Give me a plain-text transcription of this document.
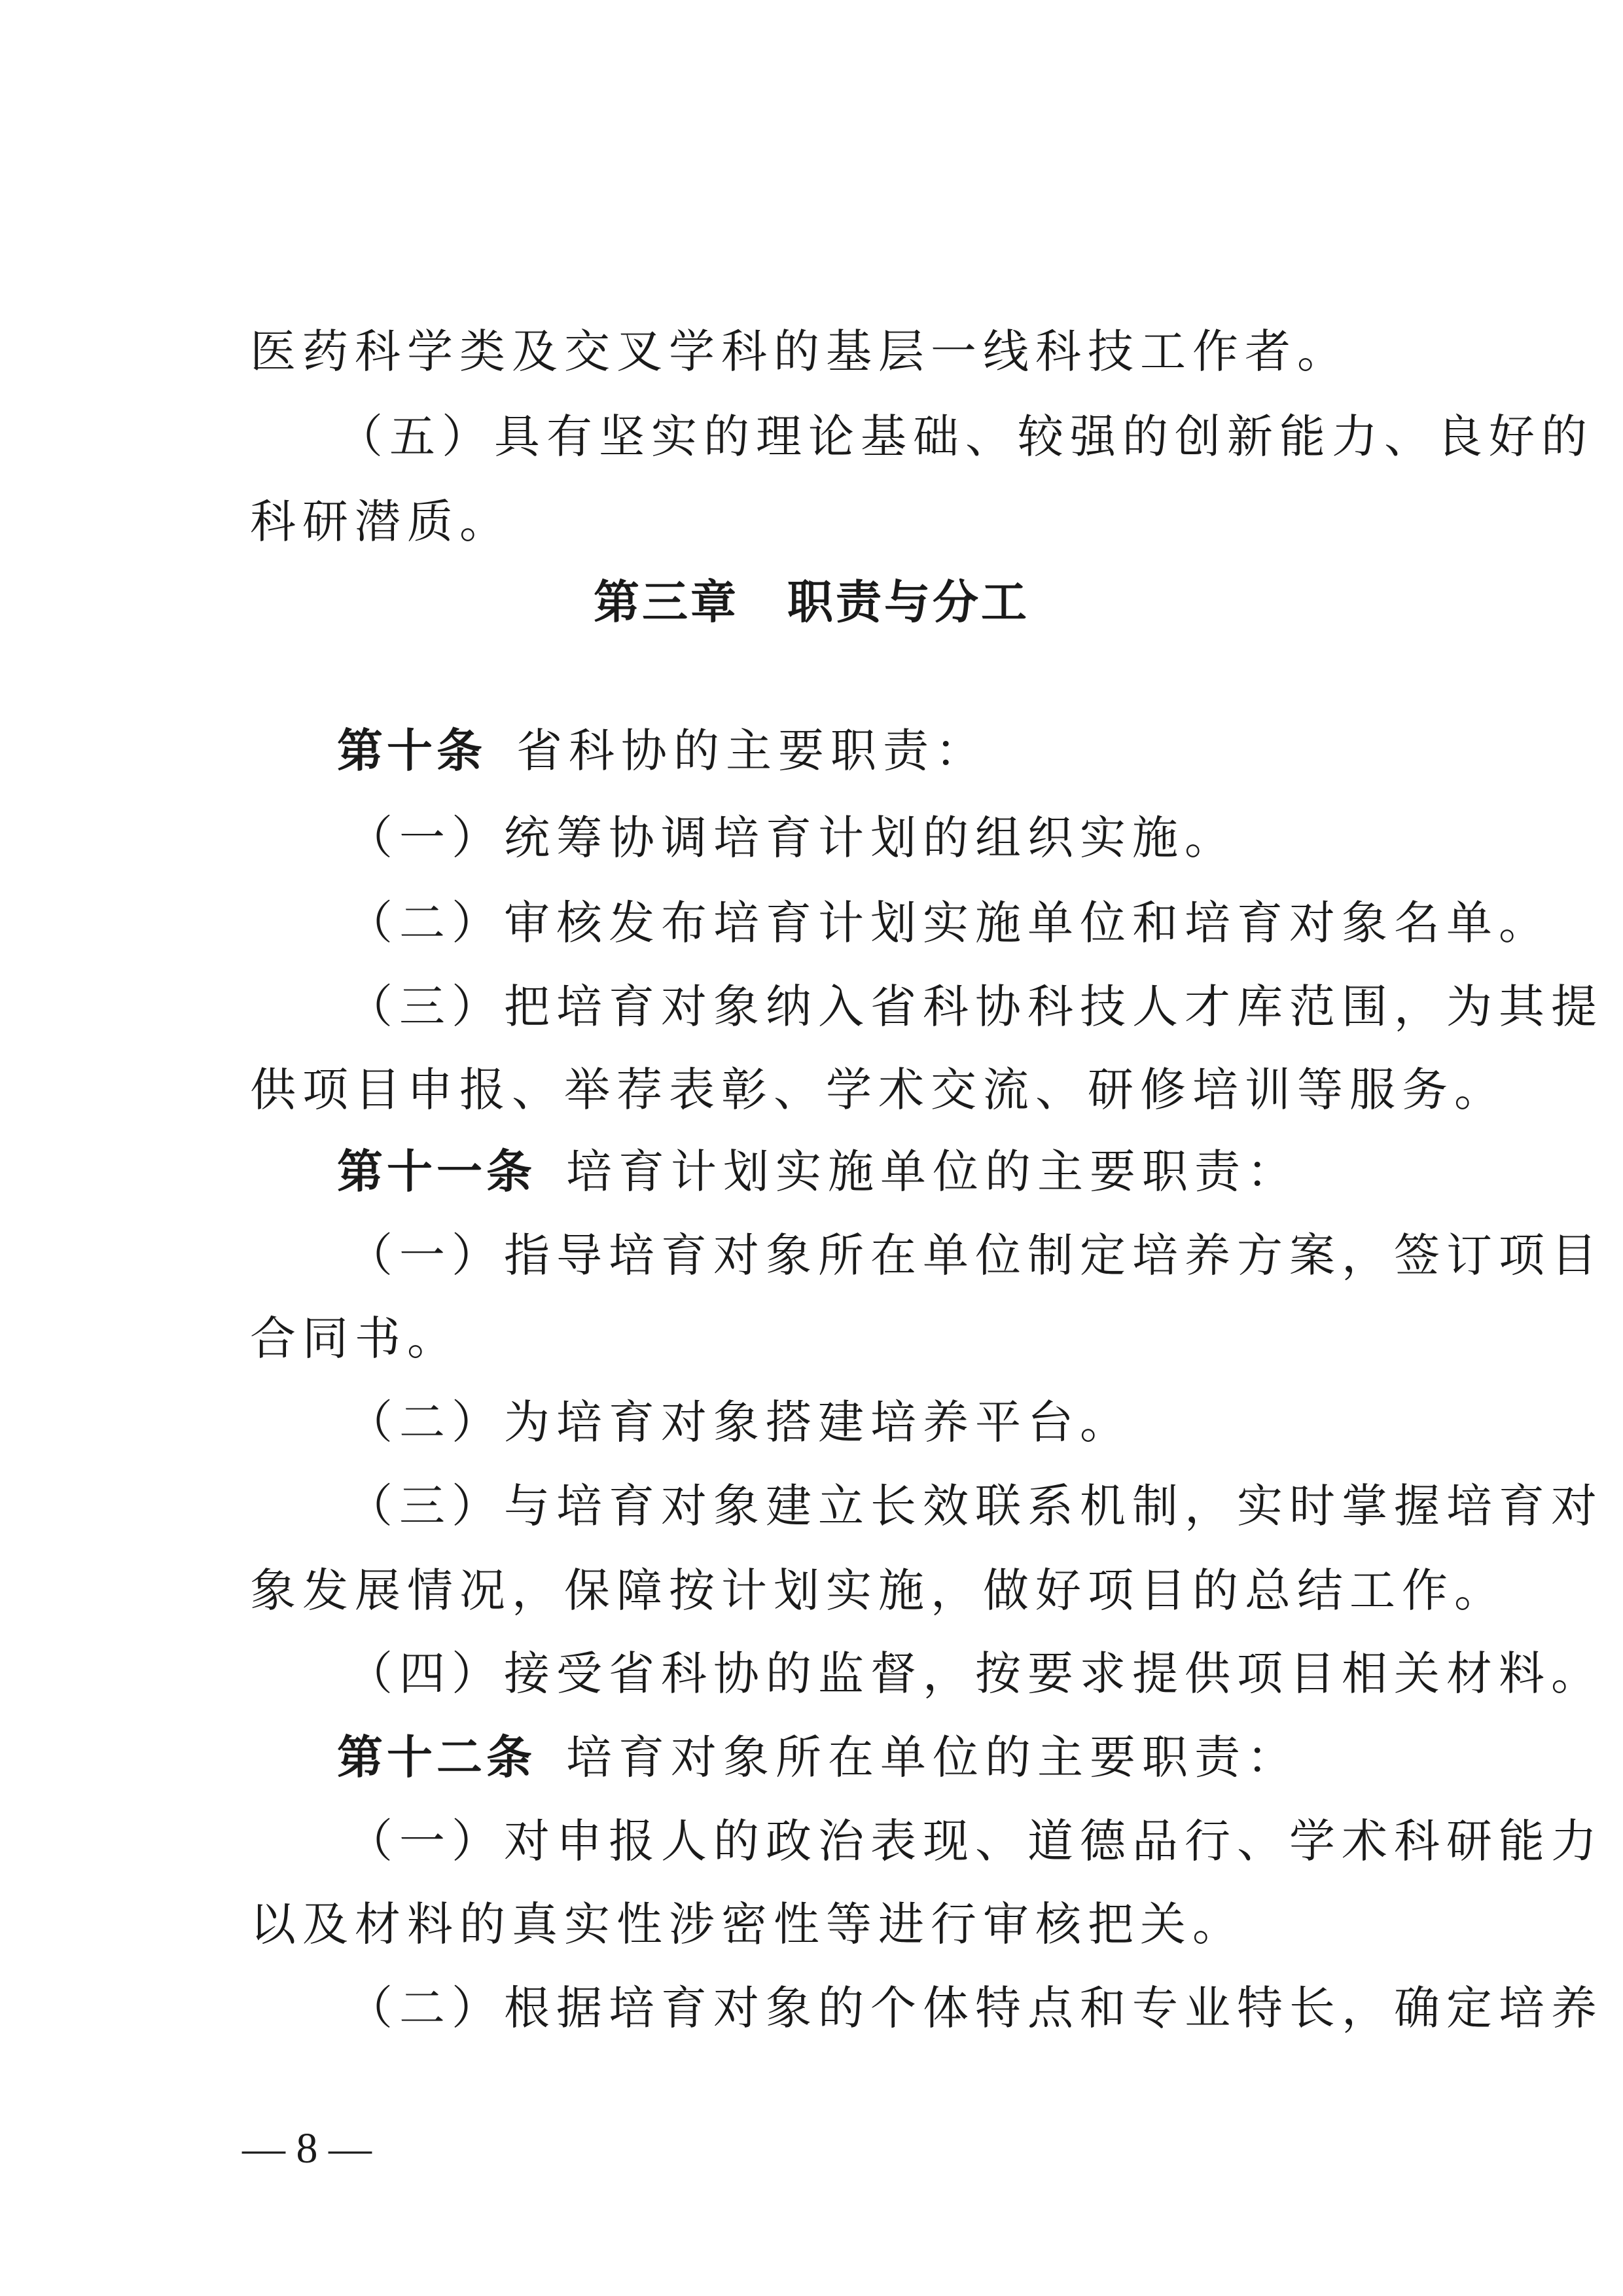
医药科学类及交叉学科的基层一线科技工作者。
（五）具有坚实的理论基础、较强的创新能力、良好的
科研潜质。
第三章　职责与分工
第十条 省科协的主要职责：
（一）统筹协调培育计划的组织实施。
（二）审核发布培育计划实施单位和培育对象名单。
（三）把培育对象纳入省科协科技人才库范围，为其提
供项目申报、举荐表彰、学术交流、研修培训等服务。
第十一条 培育计划实施单位的主要职责：
（一）指导培育对象所在单位制定培养方案，签订项目
合同书。
（二）为培育对象搭建培养平台。
（三）与培育对象建立长效联系机制，实时掌握培育对
象发展情况，保障按计划实施，做好项目的总结工作。
（四）接受省科协的监督，按要求提供项目相关材料。
第十二条 培育对象所在单位的主要职责：
（一）对申报人的政治表现、道德品行、学术科研能力
以及材料的真实性涉密性等进行审核把关。
（二）根据培育对象的个体特点和专业特长，确定培养
— 8 —
